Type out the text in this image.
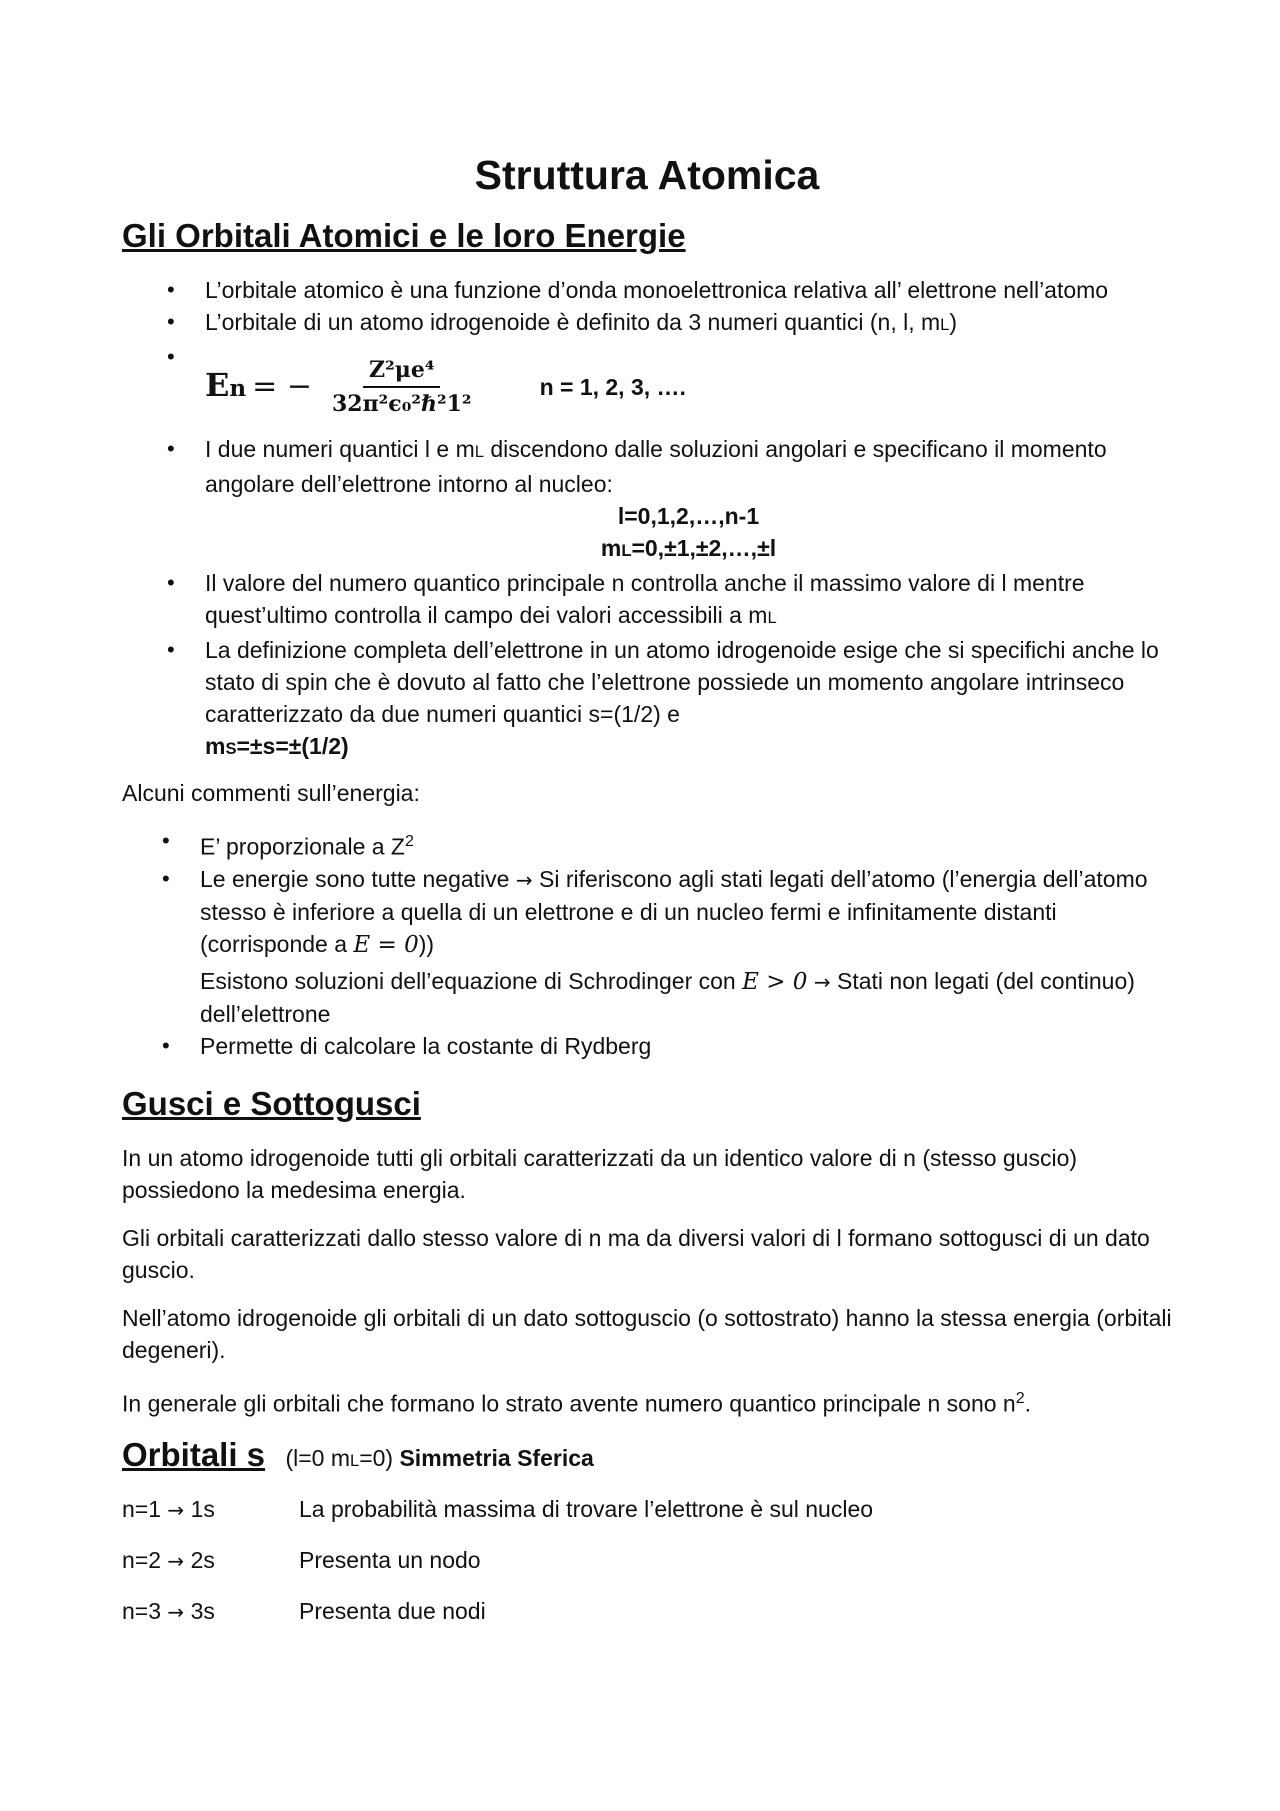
Struttura Atomica
Gli Orbitali Atomici e le loro Energie
• L’orbitale atomico è una funzione d’onda monoelettronica relativa all’ elettrone nell’atomo
• L’orbitale di un atomo idrogenoide è definito da 3 numeri quantici (n, l, mL)
• En = − $\frac{\text{Z²μe⁴}}{\text{32π²ϵ₀²ℏ²1²}}$	n = 1, 2, 3, ….
• I due numeri quantici l e mL discendono dalle soluzioni angolari e specificano il momento angolare dell’elettrone intorno al nucleo:
l=0,1,2,…,n-1
mL=0,±1,±2,…,±l
• Il valore del numero quantico principale n controlla anche il massimo valore di l mentre quest’ultimo controlla il campo dei valori accessibili a mL
• La definizione completa dell’elettrone in un atomo idrogenoide esige che si specifichi anche lo stato di spin che è dovuto al fatto che l’elettrone possiede un momento angolare intrinseco caratterizzato da due numeri quantici s=(1/2) e
mS=±s=±(1/2)

Alcuni commenti sull’energia:

• E’ proporzionale a $Z^2$
• Le energie sono tutte negative → Si riferiscono agli stati legati dell’atomo (l’energia dell’atomo stesso è inferiore a quella di un elettrone e di un nucleo fermi e infinitamente distanti (corrisponde a E = 0))
Esistono soluzioni dell’equazione di Schrodinger con E > 0 → Stati non legati (del continuo) dell’elettrone
• Permette di calcolare la costante di Rydberg
Gusci e Sottogusci

In un atomo idrogenoide tutti gli orbitali caratterizzati da un identico valore di n (stesso guscio) possiedono la medesima energia.

Gli orbitali caratterizzati dallo stesso valore di n ma da diversi valori di l formano sottogusci di un dato guscio.

Nell’atomo idrogenoide gli orbitali di un dato sottoguscio (o sottostrato) hanno la stessa energia (orbitali degeneri).

In generale gli orbitali che formano lo strato avente numero quantico principale n sono $n^2$.

Orbitali s (l=0 mL=0) Simmetria Sferica
n=1 → 1s	La probabilità massima di trovare l’elettrone è sul nucleo
n=2 → 2s	Presenta un nodo
n=3 → 3s	Presenta due nodi
